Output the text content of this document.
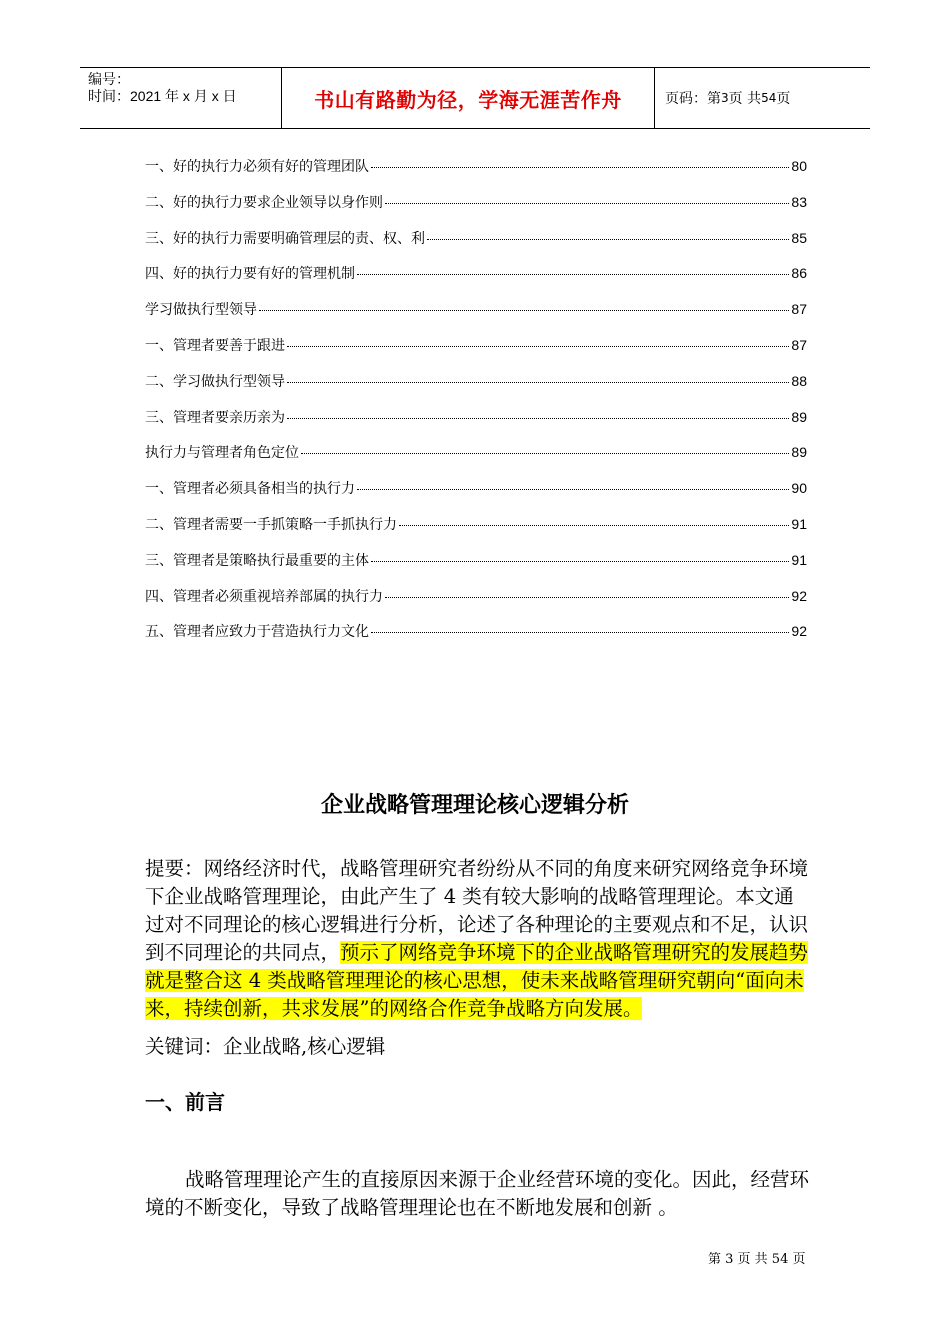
编号：
时间：2021 年 x 月 x 日	书山有路勤为径，学海无涯苦作舟	页码：第 3 页 共 54 页
一、好的执行力必须有好的管理团队	80
二、好的执行力要求企业领导以身作则	83
三、好的执行力需要明确管理层的责、权、利	85
四、好的执行力要有好的管理机制	86
学习做执行型领导	87
一、管理者要善于跟进	87
二、学习做执行型领导	88
三、管理者要亲历亲为	89
执行力与管理者角色定位	89
一、管理者必须具备相当的执行力	90
二、管理者需要一手抓策略一手抓执行力	91
三、管理者是策略执行最重要的主体	91
四、管理者必须重视培养部属的执行力	92
五、管理者应致力于营造执行力文化	92
企业战略管理理论核心逻辑分析

提要：网络经济时代，战略管理研究者纷纷从不同的角度来研究网络竞争环境下企业战略管理理论，由此产生了 4 类有较大影响的战略管理理论。本文通过对不同理论的核心逻辑进行分析，论述了各种理论的主要观点和不足，认识到不同理论的共同点，预示了网络竞争环境下的企业战略管理研究的发展趋势就是整合这 4 类战略管理理论的核心思想，使未来战略管理研究朝向“面向未来，持续创新，共求发展”的网络合作竞争战略方向发展。

关键词：企业战略,核心逻辑

一、前言

战略管理理论产生的直接原因来源于企业经营环境的变化。因此，经营环境的不断变化，导致了战略管理理论也在不断地发展和创新 。

第 3 页 共 54 页
